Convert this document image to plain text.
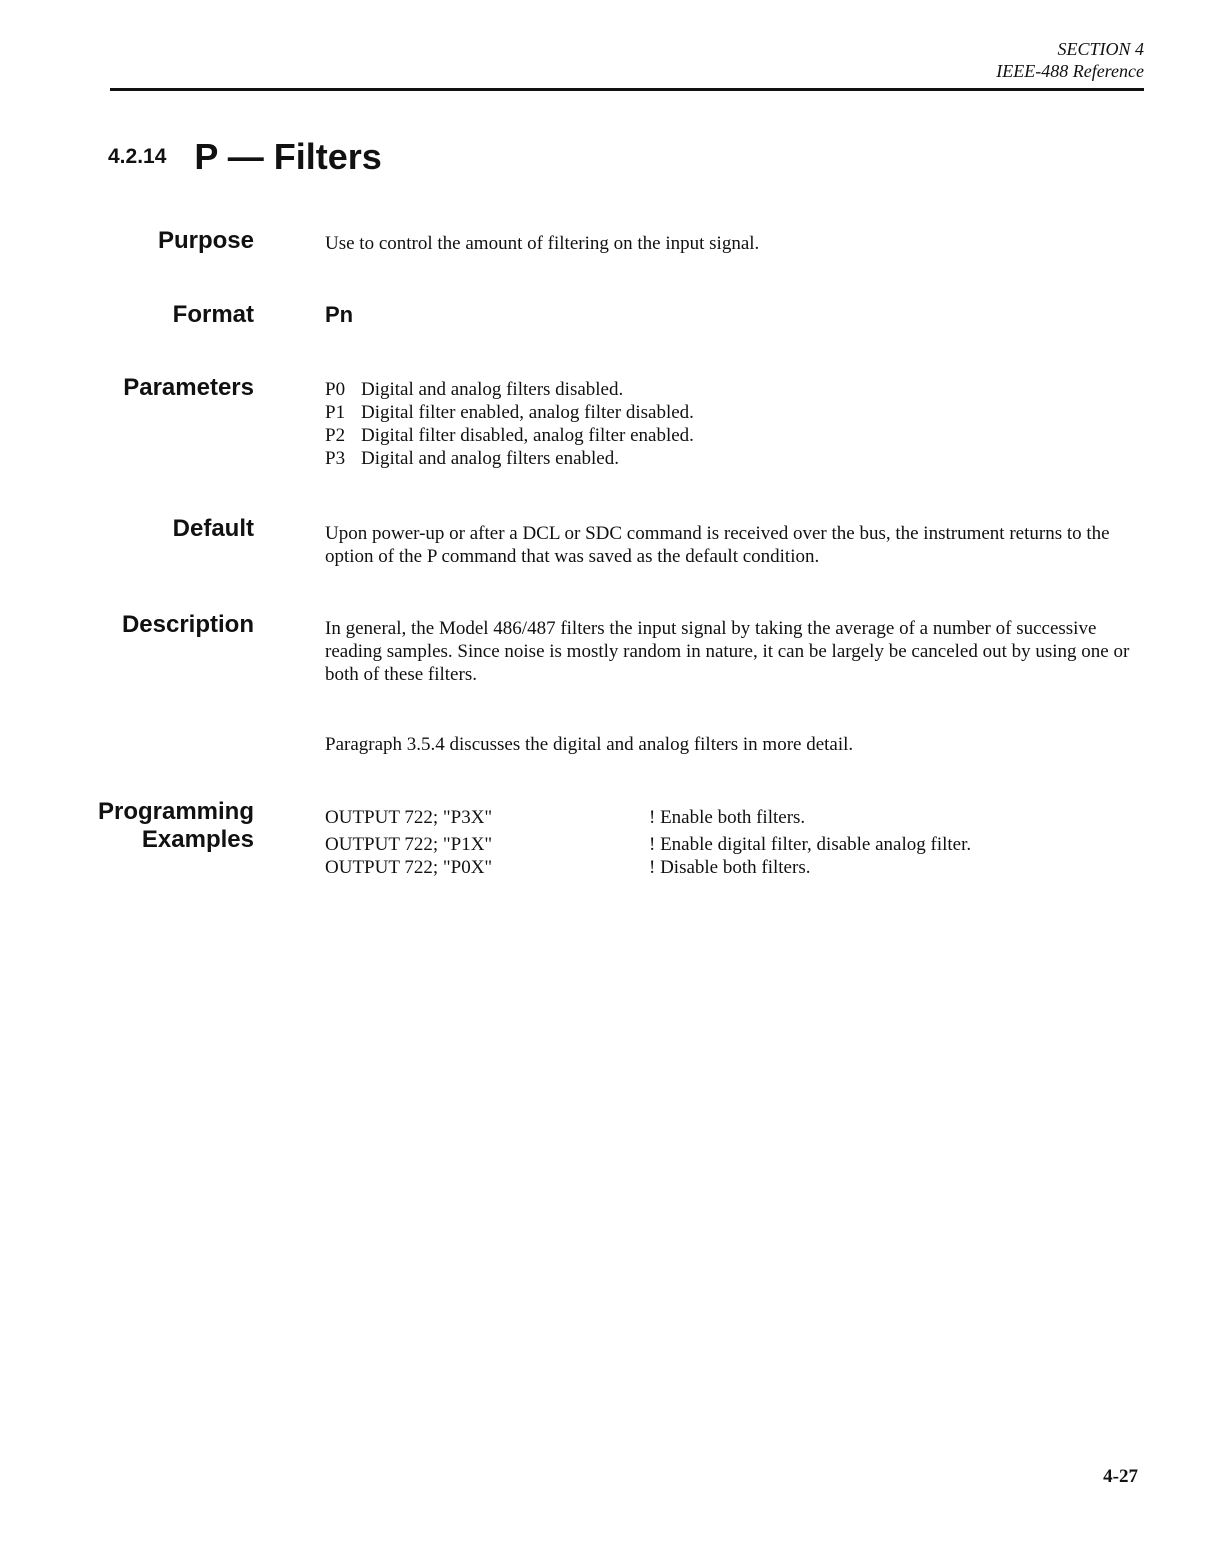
SECTION 4
IEEE-488 Reference
4.2.14 P — Filters
Purpose	Use to control the amount of filtering on the input signal.
Format	Pn
Parameters	P0 Digital and analog filters disabled.
P1 Digital filter enabled, analog filter disabled.
P2 Digital filter disabled, analog filter enabled.
P3 Digital and analog filters enabled.
Default	Upon power-up or after a DCL or SDC command is received over the bus, the instrument returns to the option of the P command that was saved as the default condition.
Description	In general, the Model 486/487 filters the input signal by taking the average of a number of successive reading samples. Since noise is mostly random in nature, it can be largely be canceled out by using one or both of these filters.
Paragraph 3.5.4 discusses the digital and analog filters in more detail.
Programming
Examples
OUTPUT 722; "P3X"	! Enable both filters.
OUTPUT 722; "P1X"	! Enable digital filter, disable analog filter.
OUTPUT 722; "P0X"	! Disable both filters.
4-27
